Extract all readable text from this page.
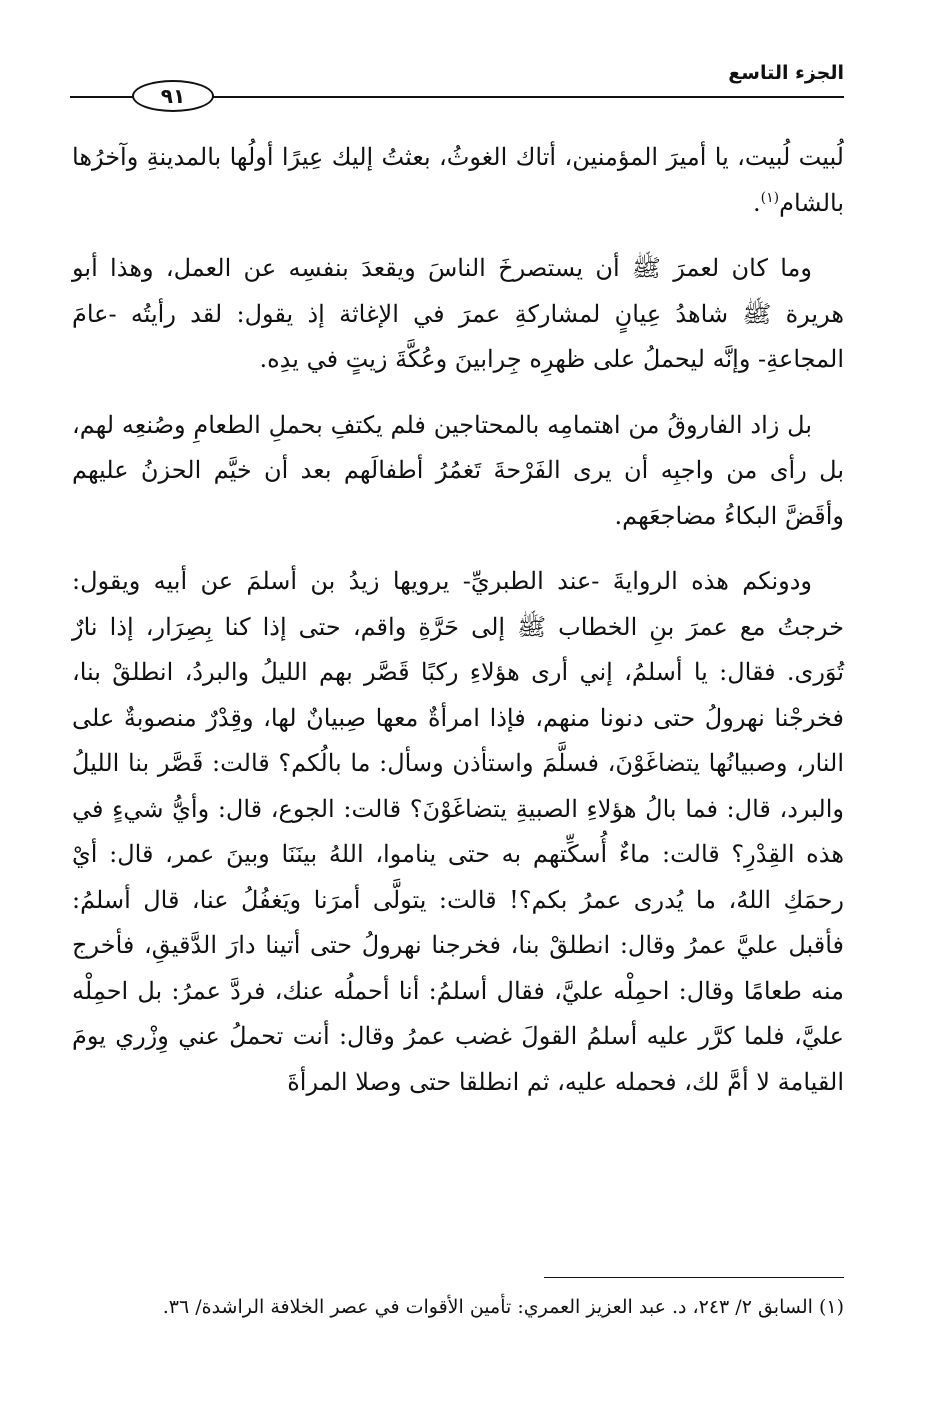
الجزء التاسع
٩١

لُبيت لُبيت، يا أميرَ المؤمنين، أتاك الغوثُ، بعثتُ إليك عِيرًا أولُها بالمدينةِ وآخرُها بالشام$^{(١)}$.

وما كان لعمرَ ﷺ أن يستصرخَ الناسَ ويقعدَ بنفسِه عن العمل، وهذا أبو هريرة ﷺ شاهدُ عِيانٍ لمشاركةِ عمرَ في الإغاثة إذ يقول: لقد رأيتُه -عامَ المجاعةِ- وإنَّه ليحملُ على ظهرِه جِرابينَ وعُكَّةَ زيتٍ في يدِه.

بل زاد الفاروقُ من اهتمامِه بالمحتاجين فلم يكتفِ بحملِ الطعامِ وصُنعِه لهم، بل رأى من واجبِه أن يرى الفَرْحةَ تَغمُرُ أطفالَهم بعد أن خيَّم الحزنُ عليهم وأقَضَّ البكاءُ مضاجعَهم.

ودونكم هذه الروايةَ -عند الطبريِّ- يرويها زيدُ بن أسلمَ عن أبيه ويقول: خرجتُ مع عمرَ بنِ الخطاب ﷺ إلى حَرَّةِ واقم، حتى إذا كنا بِصِرَار، إذا نارٌ تُوَرى. فقال: يا أسلمُ، إني أرى هؤلاءِ ركبًا قَصَّر بهم الليلُ والبردُ، انطلقْ بنا، فخرجْنا نهرولُ حتى دنونا منهم، فإذا امرأةٌ معها صِبيانٌ لها، وقِدْرٌ منصوبةٌ على النار، وصبيانُها يتضاغَوْنَ، فسلَّمَ واستأذن وسأل: ما بالُكم؟ قالت: قَصَّر بنا الليلُ والبرد، قال: فما بالُ هؤلاءِ الصبيةِ يتضاغَوْنَ؟ قالت: الجوع، قال: وأيُّ شيءٍ في هذه القِدْرِ؟ قالت: ماءٌ أُسكِّتهم به حتى يناموا، اللهُ بينَنَا وبينَ عمر، قال: أيْ رحمَكِ اللهُ، ما يُدرى عمرُ بكم؟! قالت: يتولَّى أمرَنا ويَغفُلُ عنا، قال أسلمُ: فأقبل عليَّ عمرُ وقال: انطلقْ بنا، فخرجنا نهرولُ حتى أتينا دارَ الدَّقيقِ، فأخرج منه طعامًا وقال: احمِلْه عليَّ، فقال أسلمُ: أنا أحملُه عنك، فردَّ عمرُ: بل احمِلْه عليَّ، فلما كرَّر عليه أسلمُ القولَ غضب عمرُ وقال: أنت تحملُ عني وِزْري يومَ القيامة لا أمَّ لك، فحمله عليه، ثم انطلقا حتى وصلا المرأةَ

(١) السابق ٢/ ٢٤٣، د. عبد العزيز العمري: تأمين الأقوات في عصر الخلافة الراشدة/ ٣٦.
